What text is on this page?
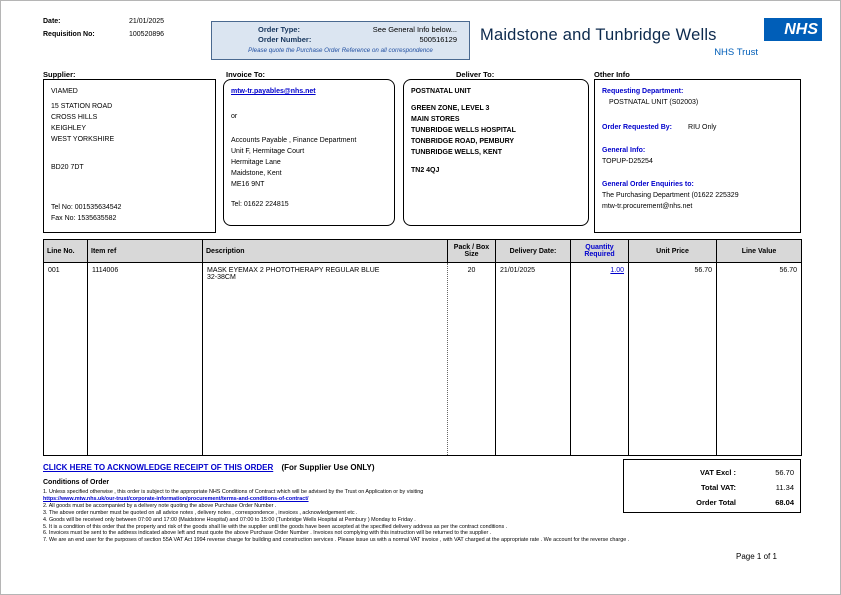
Date:	21/01/2025
Requisition No:	100520896
Order Type:	See General Info below...
Order Number:	500516129
Please quote the Purchase Order Reference on all correspondence
Maidstone and Tunbridge Wells	NHS
NHS Trust
Supplier:	Invoice To:	Deliver To:	Other Info
VIAMED
15 STATION ROAD
CROSS HILLS
KEIGHLEY
WEST YORKSHIRE
BD20 7DT
Tel No: 001535634542
Fax No: 1535635582
mtw-tr.payables@nhs.net
or
Accounts Payable , Finance Department
Unit F, Hermitage Court
Hermitage Lane
Maidstone, Kent
ME16 9NT
Tel: 01622 224815
POSTNATAL UNIT
GREEN ZONE, LEVEL 3
MAIN STORES
TUNBRIDGE WELLS HOSPITAL
TONBRIDGE ROAD, PEMBURY
TUNBRIDGE WELLS, KENT
TN2 4QJ
Requesting Department:
POSTNATAL UNIT (S02003)
Order Requested By: RIU Only
General Info:
TOPUP-D25254
General Order Enquiries to:
The Purchasing Department (01622 225329
mtw-tr.procurement@nhs.net
Line No.	Item ref	Description	Pack / Box Size	Delivery Date:	Quantity Required	Unit Price	Line Value
001	1114006	MASK EYEMAX 2 PHOTOTHERAPY REGULAR BLUE
32-38CM	20	21/01/2025	1.00	56.70	56.70
VAT Excl :	56.70
Total VAT:	11.34
Order Total	68.04
CLICK HERE TO ACKNOWLEDGE RECEIPT OF THIS ORDER (For Supplier Use ONLY)
Conditions of Order
1. Unless specified otherwise , this order is subject to the appropriate NHS Conditions of Contract which will be advised by the Trust on Application or by visiting
https://www.mtw.nhs.uk/our-trust/corporate-information/procurement/terms-and-conditions-of-contract/
2. All goods must be accompanied by a delivery note quoting the above Purchase Order Number .
3. The above order number must be quoted on all advice notes , delivery notes , correspondence , invoices , acknowledgement etc .
4. Goods will be received only between 07:00 and 17:00 (Maidstone Hospital) and 07:00 to 15:00 (Tunbridge Wells Hospital at Pembury ) Monday to Friday .
5. It is a condition of this order that the property and risk of the goods shall lie with the supplier until the goods have been accepted at the specified delivery address as per the contract conditions .
6. Invoices must be sent to the address indicated above left and must quote the above Purchase Order Number . Invoices not complying with this instruction will be returned to the supplier .
7. We are an end user for the purposes of section 55A VAT Act 1994 reverse charge for building and construction services . Please issue us with a normal VAT invoice , with VAT charged at the appropriate rate . We account for the reverse charge .
Page 1 of 1
